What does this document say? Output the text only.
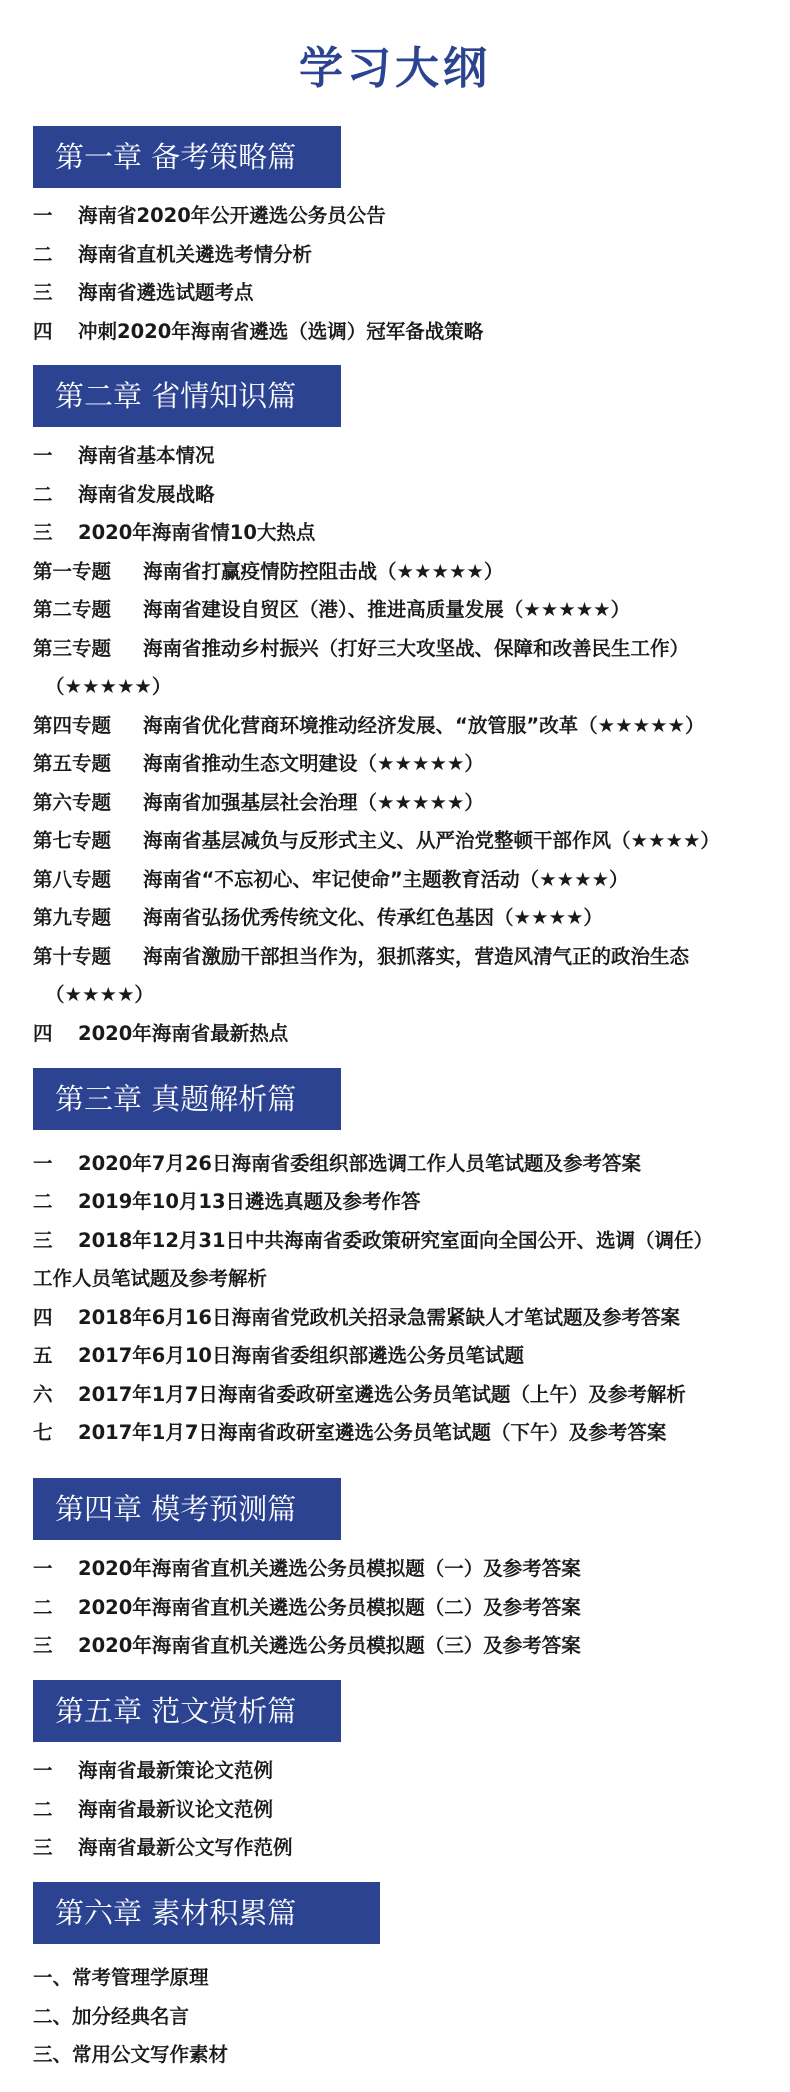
学习大纲
第一章 备考策略篇
一 海南省2020年公开遴选公务员公告
二 海南省直机关遴选考情分析
三 海南省遴选试题考点
四 冲刺2020年海南省遴选（选调）冠军备战策略
第二章 省情知识篇
一 海南省基本情况
二 海南省发展战略
三 2020年海南省情10大热点
第一专题 海南省打赢疫情防控阻击战（★★★★★）
第二专题 海南省建设自贸区（港）、推进高质量发展（★★★★★）
第三专题 海南省推动乡村振兴（打好三大攻坚战、保障和改善民生工作）
（★★★★★）
第四专题 海南省优化营商环境推动经济发展、“放管服”改革（★★★★★）
第五专题 海南省推动生态文明建设（★★★★★）
第六专题 海南省加强基层社会治理（★★★★★）
第七专题 海南省基层减负与反形式主义、从严治党整顿干部作风（★★★★）
第八专题 海南省“不忘初心、牢记使命”主题教育活动（★★★★）
第九专题 海南省弘扬优秀传统文化、传承红色基因（★★★★）
第十专题 海南省激励干部担当作为，狠抓落实，营造风清气正的政治生态
（★★★★）
四 2020年海南省最新热点
第三章 真题解析篇
一 2020年7月26日海南省委组织部选调工作人员笔试题及参考答案
二 2019年10月13日遴选真题及参考作答
三 2018年12月31日中共海南省委政策研究室面向全国公开、选调（调任）
工作人员笔试题及参考解析
四 2018年6月16日海南省党政机关招录急需紧缺人才笔试题及参考答案
五 2017年6月10日海南省委组织部遴选公务员笔试题
六 2017年1月7日海南省委政研室遴选公务员笔试题（上午）及参考解析
七 2017年1月7日海南省政研室遴选公务员笔试题（下午）及参考答案
第四章 模考预测篇
一 2020年海南省直机关遴选公务员模拟题（一）及参考答案
二 2020年海南省直机关遴选公务员模拟题（二）及参考答案
三 2020年海南省直机关遴选公务员模拟题（三）及参考答案
第五章 范文赏析篇
一 海南省最新策论文范例
二 海南省最新议论文范例
三 海南省最新公文写作范例
第六章 素材积累篇
一、常考管理学原理
二、加分经典名言
三、常用公文写作素材
